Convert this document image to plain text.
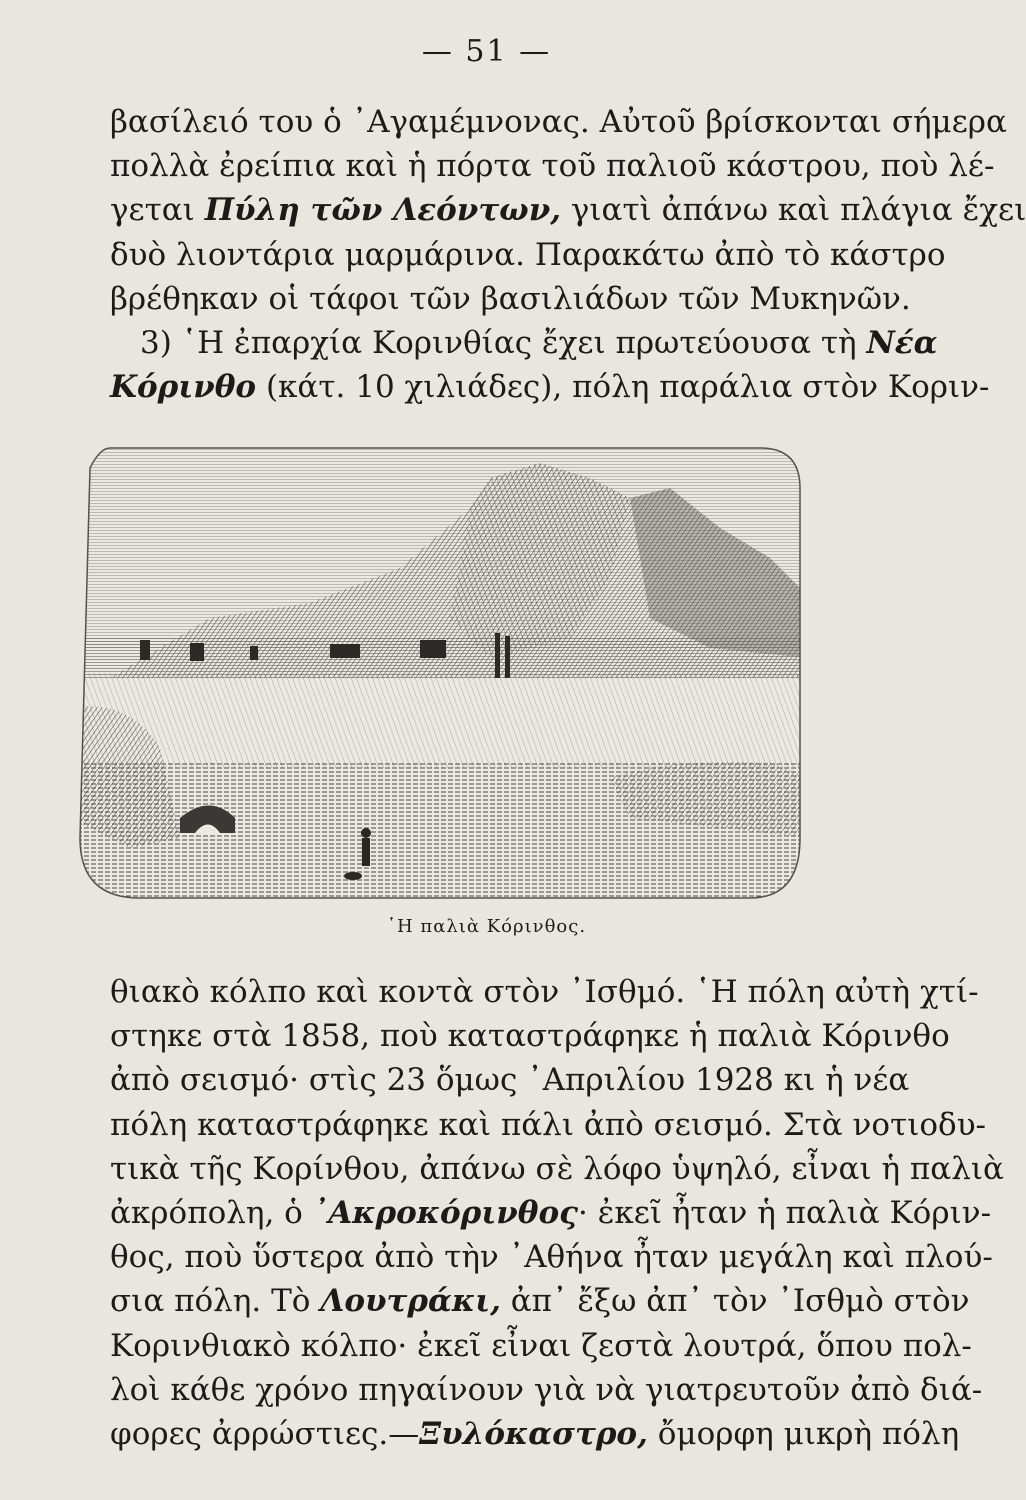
— 51 —
βασίλειό του ὁ ᾿Αγαμέμνονας. Αὐτοῦ βρίσκονται σήμερα
πολλὰ ἐρείπια καὶ ἡ πόρτα τοῦ παλιοῦ κάστρου, ποὺ λέ-
γεται Πύλη τῶν Λεόντων, γιατὶ ἀπάνω καὶ πλάγια ἔχει
δυὸ λιοντάρια μαρμάρινα. Παρακάτω ἀπὸ τὸ κάστρο
βρέθηκαν οἱ τάφοι τῶν βασιλιάδων τῶν Μυκηνῶν.
3) ῾Η ἐπαρχία Κορινθίας ἔχει πρωτεύουσα τὴ Νέα
Κόρινθο (κάτ. 10 χιλιάδες), πόλη παράλια στὸν Κοριν-
῾Η παλιὰ Κόρινθος.
θιακὸ κόλπο καὶ κοντὰ στὸν ᾿Ισθμό. ῾Η πόλη αὐτὴ χτί-
στηκε στὰ 1858, ποὺ καταστράφηκε ἡ παλιὰ Κόρινθο
ἀπὸ σεισμό· στὶς 23 ὅμως ᾿Απριλίου 1928 κι ἡ νέα
πόλη καταστράφηκε καὶ πάλι ἀπὸ σεισμό. Στὰ νοτιοδυ-
τικὰ τῆς Κορίνθου, ἀπάνω σὲ λόφο ὑψηλό, εἶναι ἡ παλιὰ
ἀκρόπολη, ὁ ᾿Ακροκόρινθος· ἐκεῖ ἦταν ἡ παλιὰ Κόριν-
θος, ποὺ ὕστερα ἀπὸ τὴν ᾿Αθήνα ἦταν μεγάλη καὶ πλού-
σια πόλη. Τὸ Λουτράκι, ἀπ᾿ ἔξω ἀπ᾿ τὸν ᾿Ισθμὸ στὸν
Κορινθιακὸ κόλπο· ἐκεῖ εἶναι ζεστὰ λουτρά, ὅπου πολ-
λοὶ κάθε χρόνο πηγαίνουν γιὰ νὰ γιατρευτοῦν ἀπὸ διά-
φορες ἀρρώστιες.—Ξυλόκαστρο, ὄμορφη μικρὴ πόλη
